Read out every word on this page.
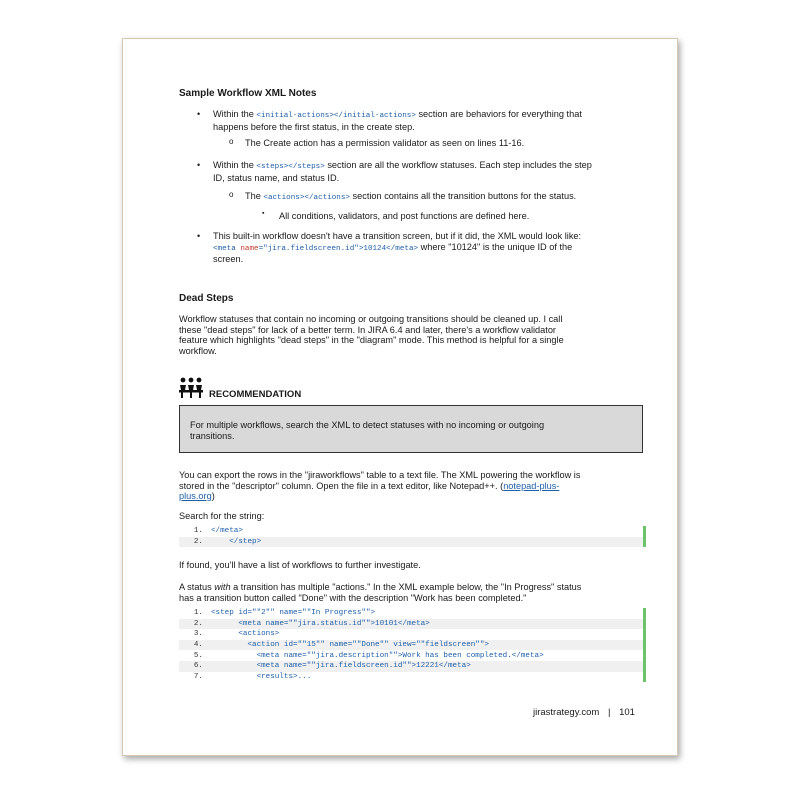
Sample Workflow XML Notes
• Within the <initial-actions></initial-actions> section are behaviors for everything that
happens before the first status, in the create step.
o The Create action has a permission validator as seen on lines 11-16.
• Within the <steps></steps> section are all the workflow statuses. Each step includes the step
ID, status name, and status ID.
o The <actions></actions> section contains all the transition buttons for the status.
▪ All conditions, validators, and post functions are defined here.
• This built-in workflow doesn't have a transition screen, but if it did, the XML would look like:
<meta name="jira.fieldscreen.id">10124</meta> where "10124" is the unique ID of the
screen.
Dead Steps
Workflow statuses that contain no incoming or outgoing transitions should be cleaned up. I call
these "dead steps" for lack of a better term. In JIRA 6.4 and later, there's a workflow validator
feature which highlights "dead steps" in the "diagram" mode. This method is helpful for a single
workflow.
RECOMMENDATION
For multiple workflows, search the XML to detect statuses with no incoming or outgoing
transitions.
You can export the rows in the "jiraworkflows" table to a text file. The XML powering the workflow is
stored in the "descriptor" column. Open the file in a text editor, like Notepad++. (notepad-plus-
plus.org)
Search for the string:
1.	</meta>
2.	</step>
If found, you'll have a list of workflows to further investigate.
A status with a transition has multiple "actions." In the XML example below, the "In Progress" status
has a transition button called "Done" with the description "Work has been completed."
1.	<step id=""2"" name=""In Progress"">
2.	<meta name=""jira.status.id"">10101</meta>
3.	<actions>
4.	<action id=""15"" name=""Done"" view=""fieldscreen"">
5.	<meta name=""jira.description"">Work has been completed.</meta>
6.	<meta name=""jira.fieldscreen.id"">12221</meta>
7.	<results>...
jirastrategy.com | 101
